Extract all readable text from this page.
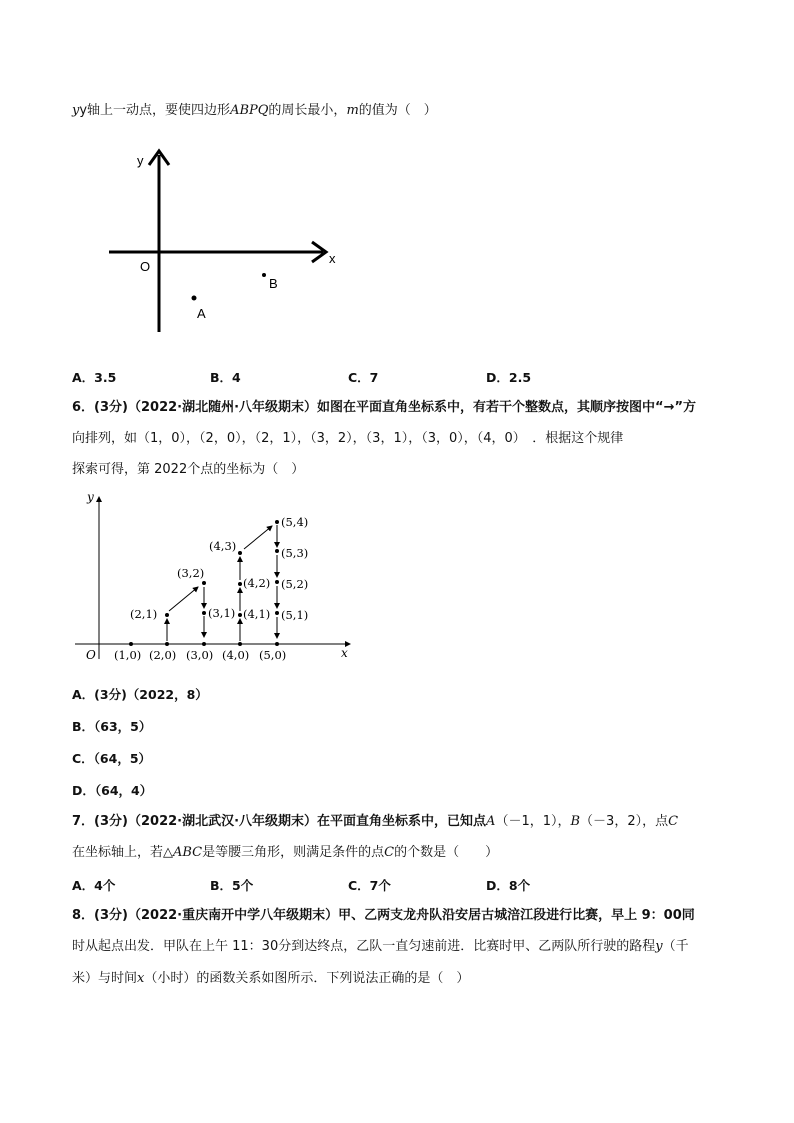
yy轴上一动点，要使四边形ABPQ的周长最小，m的值为（　）
y
x
O
A
B
A．3.5	B．4	C．7	D．2.5
6．(3分)（2022·湖北随州·八年级期末）如图在平面直角坐标系中，有若干个整数点，其顺序按图中“→”方
向排列，如（1，0），（2，0），（2，1），（3，2），（3，1），（3，0），（4，0）　．根据这个规律
探索可得，第 2022个点的坐标为（　）
y
x
O (1,0) (2,0) (3,0) (4,0) (5,0)
(2,1)
(3,2)
(3,1)
(4,3)
(4,2)
(4,1)
(5,4)
(5,3)
(5,2)
(5,1)
A．(3分)（2022，8）
B．（63，5）
C．（64，5）
D．（64，4）
7．(3分)（2022·湖北武汉·八年级期末）在平面直角坐标系中，已知点A（－1，1），B（－3，2），点C
在坐标轴上，若△ABC是等腰三角形，则满足条件的点C的个数是（　　）
A．4个	B．5个	C．7个	D．8个
8．(3分)（2022·重庆南开中学八年级期末）甲、乙两支龙舟队沿安居古城涪江段进行比赛，早上 9：00同
时从起点出发．甲队在上午 11：30分到达终点，乙队一直匀速前进．比赛时甲、乙两队所行驶的路程y（千
米）与时间x（小时）的函数关系如图所示．下列说法正确的是（　）
